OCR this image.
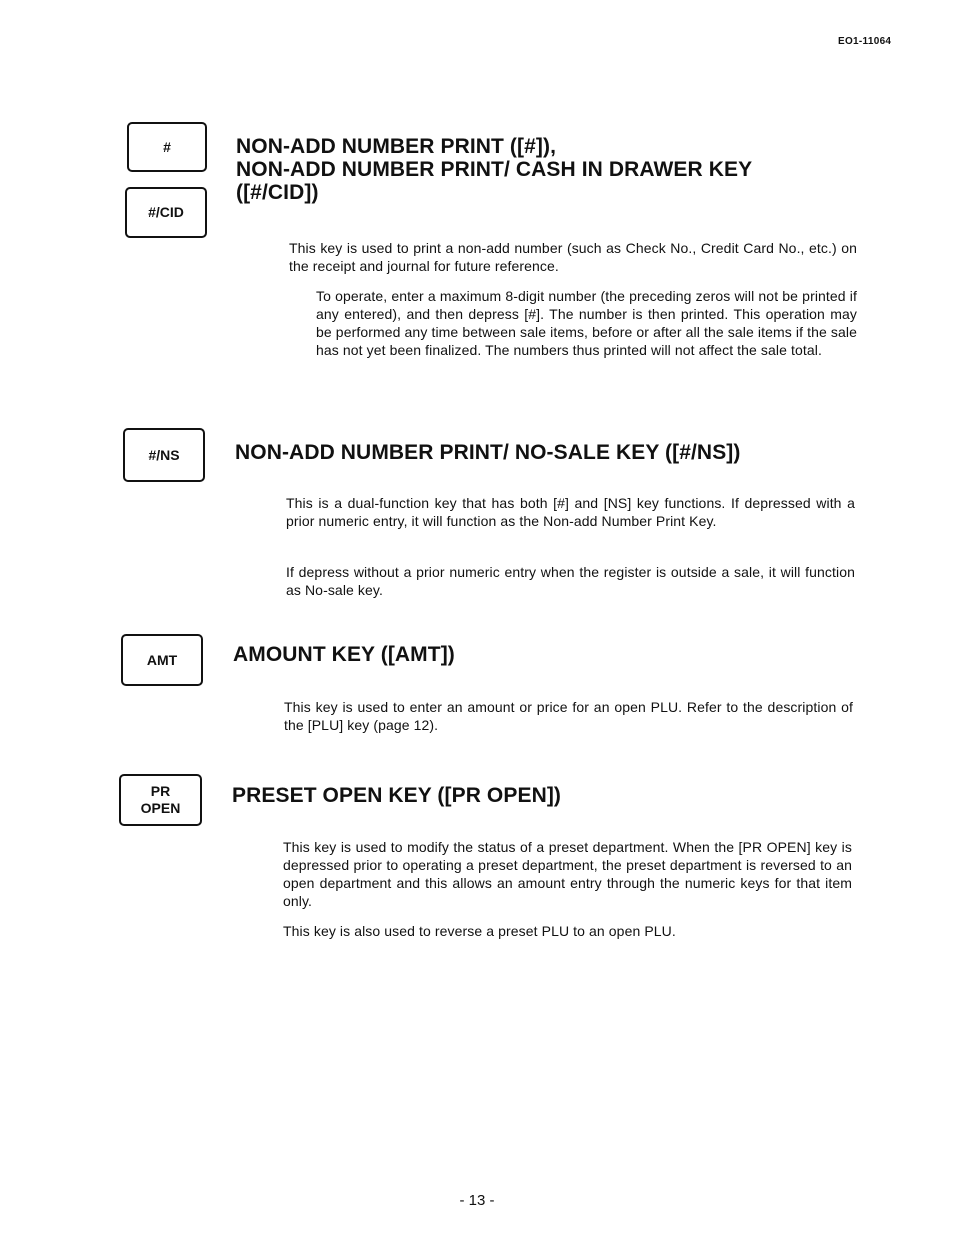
EO1-11064
#
#/CID
NON-ADD NUMBER PRINT ([#]),
NON-ADD NUMBER PRINT/ CASH IN DRAWER KEY
([#/CID])

This key is used to print a non-add number (such as Check No., Credit Card No., etc.) on the receipt and journal for future reference.

To operate, enter a maximum 8-digit number (the preceding zeros will not be printed if any entered), and then depress [#]. The number is then printed. This operation may be performed any time between sale items, before or after all the sale items if the sale has not yet been finalized. The numbers thus printed will not affect the sale total.

#/NS	NON-ADD NUMBER PRINT/ NO-SALE KEY ([#/NS])

This is a dual-function key that has both [#] and [NS] key functions. If depressed with a prior numeric entry, it will function as the Non-add Number Print Key.

If depress without a prior numeric entry when the register is outside a sale, it will function as No-sale key.

AMT	AMOUNT KEY ([AMT])

This key is used to enter an amount or price for an open PLU. Refer to the description of the [PLU] key (page 12).

PR
OPEN
PRESET OPEN KEY ([PR OPEN])

This key is used to modify the status of a preset department. When the [PR OPEN] key is depressed prior to operating a preset department, the preset department is reversed to an open department and this allows an amount entry through the numeric keys for that item only.

This key is also used to reverse a preset PLU to an open PLU.

- 13 -
